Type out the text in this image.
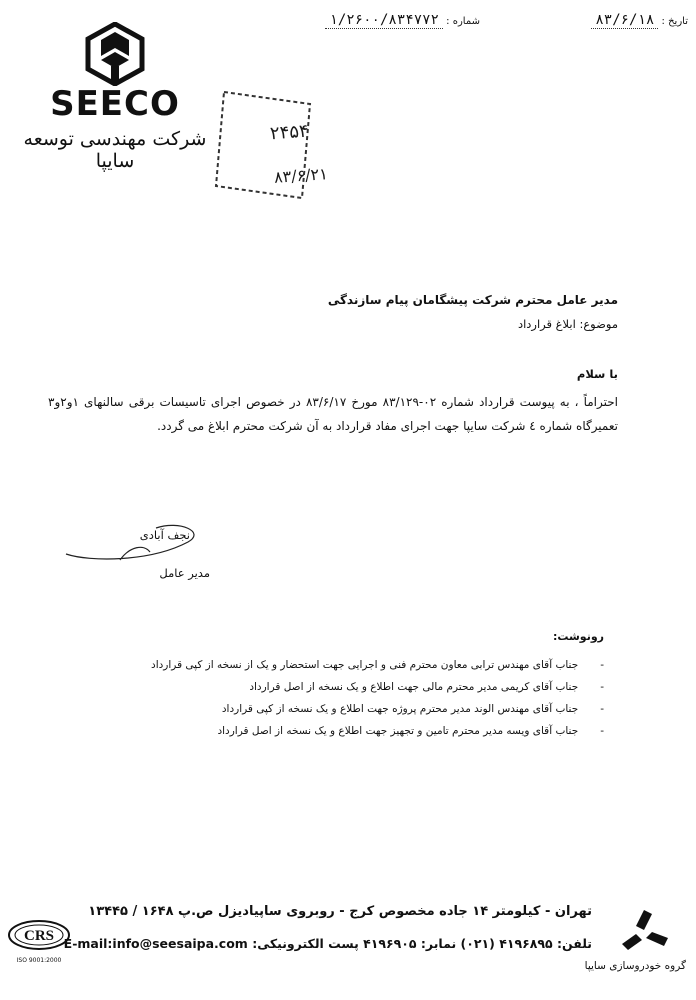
تاریخ : ۸۳/۶/۱۸
شماره : ۱/۲۶۰۰/۸۳۴۷۷۲
SEECO
شرکت مهندسی توسعه سایپا
۲۴۵۴
۸۳/۶/۲۱
مدیر عامل محترم شرکت پیشگامان پیام سازندگی
موضوع: ابلاغ قرارداد
با سلام
احتراماً ، به پیوست قرارداد شماره ۰۲-۸۳/۱۲۹ مورخ ۸۳/۶/۱۷ در خصوص اجرای تاسیسات برقی سالنهای ۱و۲و۳ تعمیرگاه شماره ٤ شرکت سایپا جهت اجرای مفاد قرارداد به آن شرکت محترم ابلاغ می گردد.
نجف آبادی
مدیر عامل
رونوشت:
-جناب آقای مهندس ترابی معاون محترم فنی و اجرایی جهت استحضار و یک از نسخه از کپی قرارداد
-جناب آقای کریمی مدیر محترم مالی جهت اطلاع و یک نسخه از اصل قرارداد
-جناب آقای مهندس الوند مدیر محترم پروژه جهت اطلاع و یک نسخه از کپی قرارداد
-جناب آقای ویسه مدیر محترم تامین و تجهیز جهت اطلاع و یک نسخه از اصل قرارداد
تهران - کیلومتر ۱۴ جاده مخصوص کرج - روبروی ساپیادیزل ص.پ ۱۶۴۸ / ۱۳۴۴۵
تلفن: ۴۱۹۶۸۹۵ (۰۲۱) نمابر: ۴۱۹۶۹۰۵ پست الکترونیکی: E-mail:info@seesaipa.com
گروه خودروسازی سایپا
CRS
ISO 9001:2000
